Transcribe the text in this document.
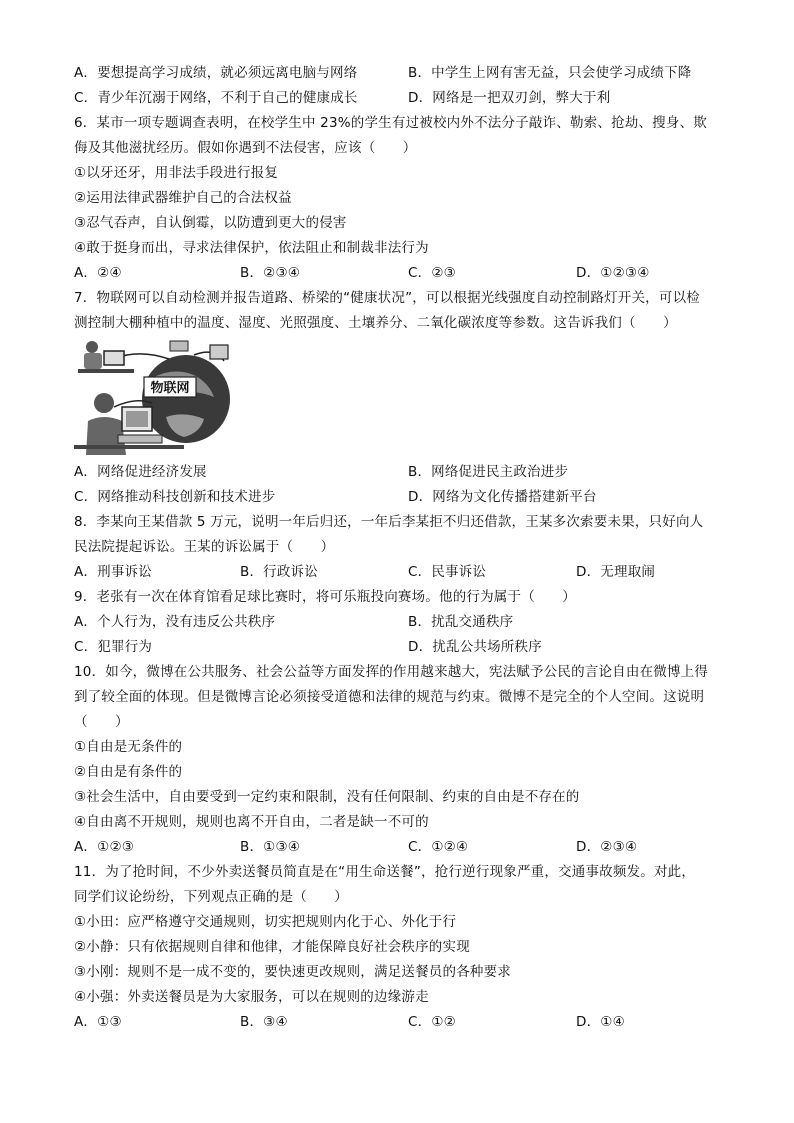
A．要想提高学习成绩，就必须远离电脑与网络	B．中学生上网有害无益，只会使学习成绩下降
C．青少年沉溺于网络，不利于自己的健康成长	D．网络是一把双刃剑，弊大于利
6．某市一项专题调查表明，在校学生中 23%的学生有过被校内外不法分子敲诈、勒索、抢劫、搜身、欺
侮及其他滋扰经历。假如你遇到不法侵害，应该（　　）
①以牙还牙，用非法手段进行报复
②运用法律武器维护自己的合法权益
③忍气吞声，自认倒霉，以防遭到更大的侵害
④敢于挺身而出，寻求法律保护，依法阻止和制裁非法行为
A．②④	B．②③④	C．②③	D．①②③④
7．物联网可以自动检测并报告道路、桥梁的“健康状况”，可以根据光线强度自动控制路灯开关，可以检
测控制大棚种植中的温度、湿度、光照强度、土壤养分、二氧化碳浓度等参数。这告诉我们（　　）
物联网
A．网络促进经济发展	B．网络促进民主政治进步
C．网络推动科技创新和技术进步	D．网络为文化传播搭建新平台
8．李某向王某借款 5 万元，说明一年后归还，一年后李某拒不归还借款，王某多次索要未果，只好向人
民法院提起诉讼。王某的诉讼属于（　　）
A．刑事诉讼	B．行政诉讼	C．民事诉讼	D．无理取闹
9．老张有一次在体育馆看足球比赛时，将可乐瓶投向赛场。他的行为属于（　　）
A．个人行为，没有违反公共秩序	B．扰乱交通秩序
C．犯罪行为	D．扰乱公共场所秩序
10．如今，微博在公共服务、社会公益等方面发挥的作用越来越大，宪法赋予公民的言论自由在微博上得
到了较全面的体现。但是微博言论必须接受道德和法律的规范与约束。微博不是完全的个人空间。这说明
（　　）
①自由是无条件的
②自由是有条件的
③社会生活中，自由要受到一定约束和限制，没有任何限制、约束的自由是不存在的
④自由离不开规则，规则也离不开自由，二者是缺一不可的
A．①②③	B．①③④	C．①②④	D．②③④
11．为了抢时间，不少外卖送餐员简直是在“用生命送餐”，抢行逆行现象严重，交通事故频发。对此，
同学们议论纷纷，下列观点正确的是（　　）
①小田：应严格遵守交通规则，切实把规则内化于心、外化于行
②小静：只有依据规则自律和他律，才能保障良好社会秩序的实现
③小刚：规则不是一成不变的，要快速更改规则，满足送餐员的各种要求
④小强：外卖送餐员是为大家服务，可以在规则的边缘游走
A．①③	B．③④	C．①②	D．①④
